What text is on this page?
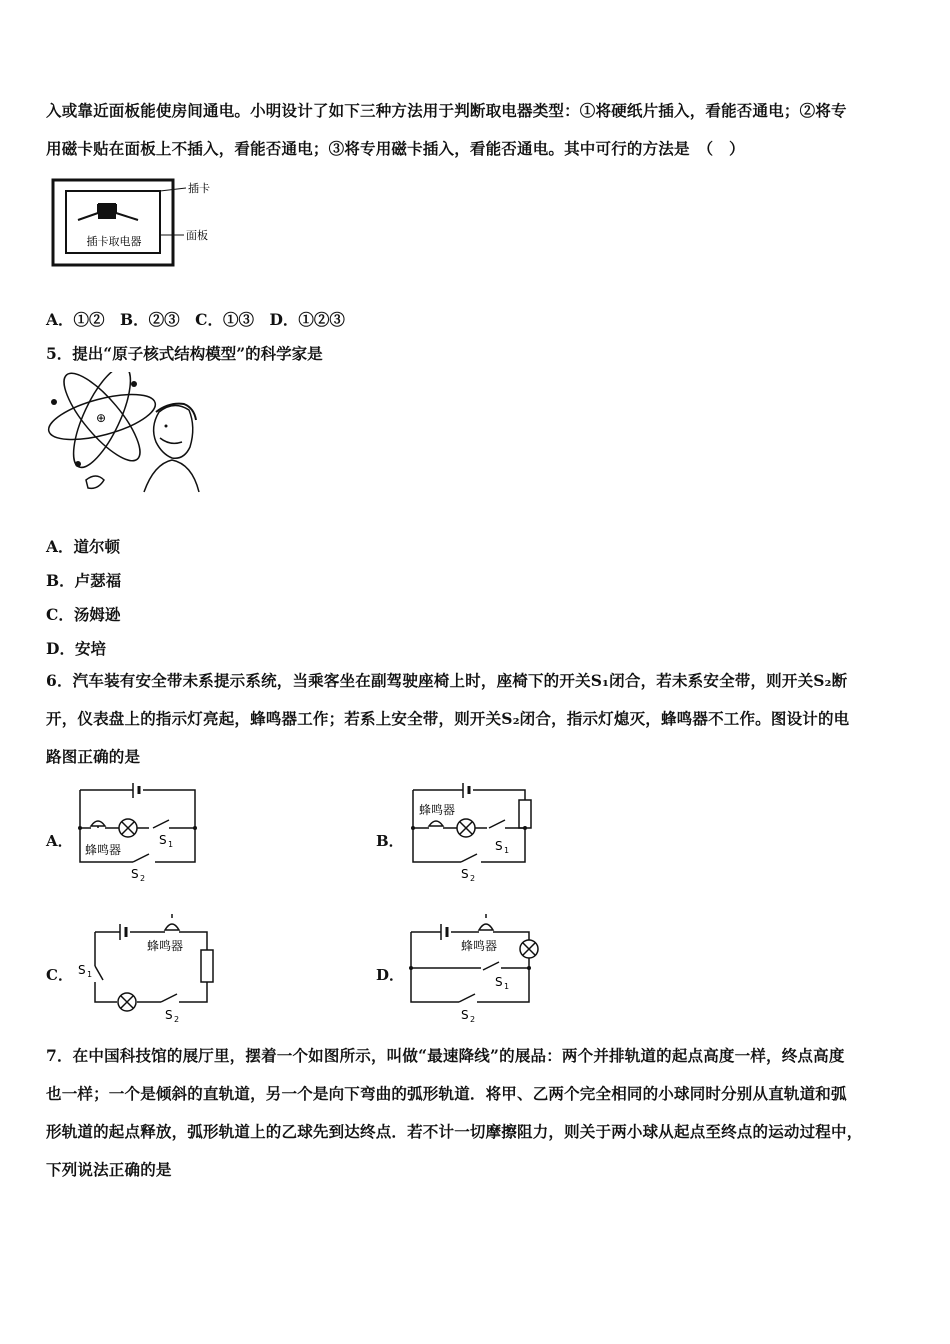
入或靠近面板能使房间通电。小明设计了如下三种方法用于判断取电器类型：①将硬纸片插入，看能否通电；②将专
用磁卡贴在面板上不插入，看能否通电；③将专用磁卡插入，看能否通电。其中可行的方法是　（　）
插卡取电器
插卡
面板
A．①②　B．②③　C．①③　D．①②③
5．提出“原子核式结构模型”的科学家是
⊕
A．道尔顿
B．卢瑟福
C．汤姆逊
D．安培
6．汽车装有安全带未系提示系统，当乘客坐在副驾驶座椅上时，座椅下的开关S₁闭合，若未系安全带，则开关S₂断
开，仪表盘上的指示灯亮起，蜂鸣器工作；若系上安全带，则开关S₂闭合，指示灯熄灭，蜂鸣器不工作。图设计的电
路图正确的是
A．	B．
C．	D．
蜂鸣器
S 1
S 2
蜂鸣器
S 1
S 2
蜂鸣器
S 1
S 2
蜂鸣器
S 1
S 2
7．在中国科技馆的展厅里，摆着一个如图所示，叫做“最速降线”的展品：两个并排轨道的起点高度一样，终点高度
也一样；一个是倾斜的直轨道，另一个是向下弯曲的弧形轨道．将甲、乙两个完全相同的小球同时分别从直轨道和弧
形轨道的起点释放，弧形轨道上的乙球先到达终点．若不计一切摩擦阻力，则关于两小球从起点至终点的运动过程中，
下列说法正确的是
